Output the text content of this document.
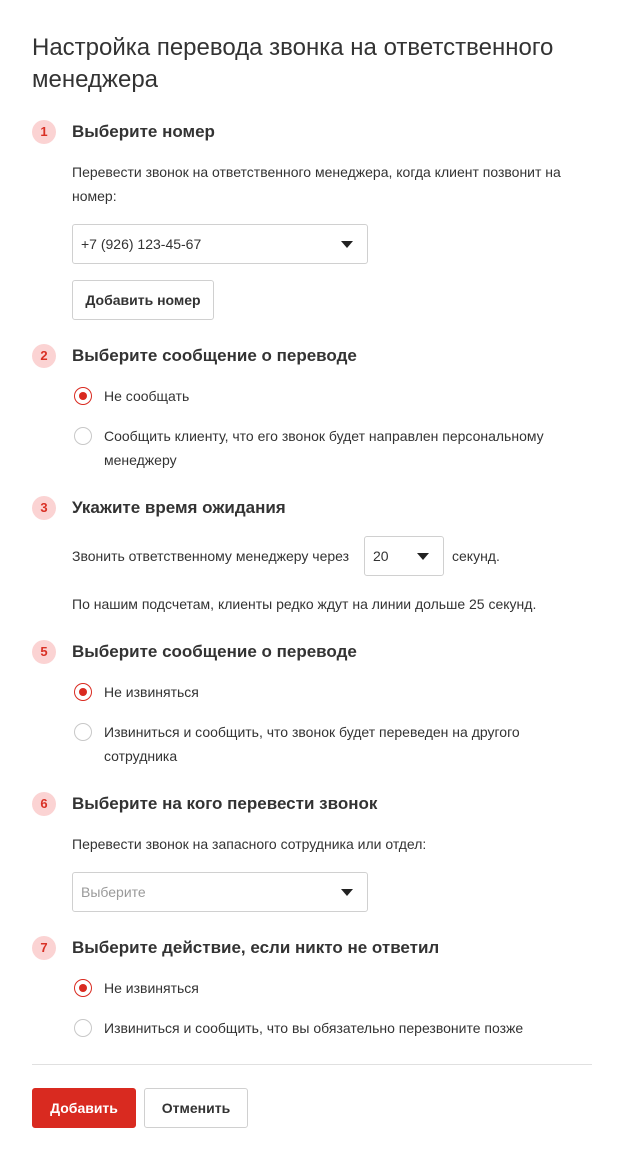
Настройка перевода звонка на ответственного менеджера
1	Выберите номер
Перевести звонок на ответственного менеджера, когда клиент позвонит на номер:
+7 (926) 123-45-67
Добавить номер
2	Выберите сообщение о переводе
Не сообщать
Сообщить клиенту, что его звонок будет направлен персональному менеджеру
3	Укажите время ожидания
Звонить ответственному менеджеру через	20	секунд.
По нашим подсчетам, клиенты редко ждут на линии дольше 25 секунд.
5	Выберите сообщение о переводе
Не извиняться
Извиниться и сообщить, что звонок будет переведен на другого сотрудника
6	Выберите на кого перевести звонок
Перевести звонок на запасного сотрудника или отдел:
Выберите
7	Выберите действие, если никто не ответил
Не извиняться
Извиниться и сообщить, что вы обязательно перезвоните позже
Добавить	Отменить
